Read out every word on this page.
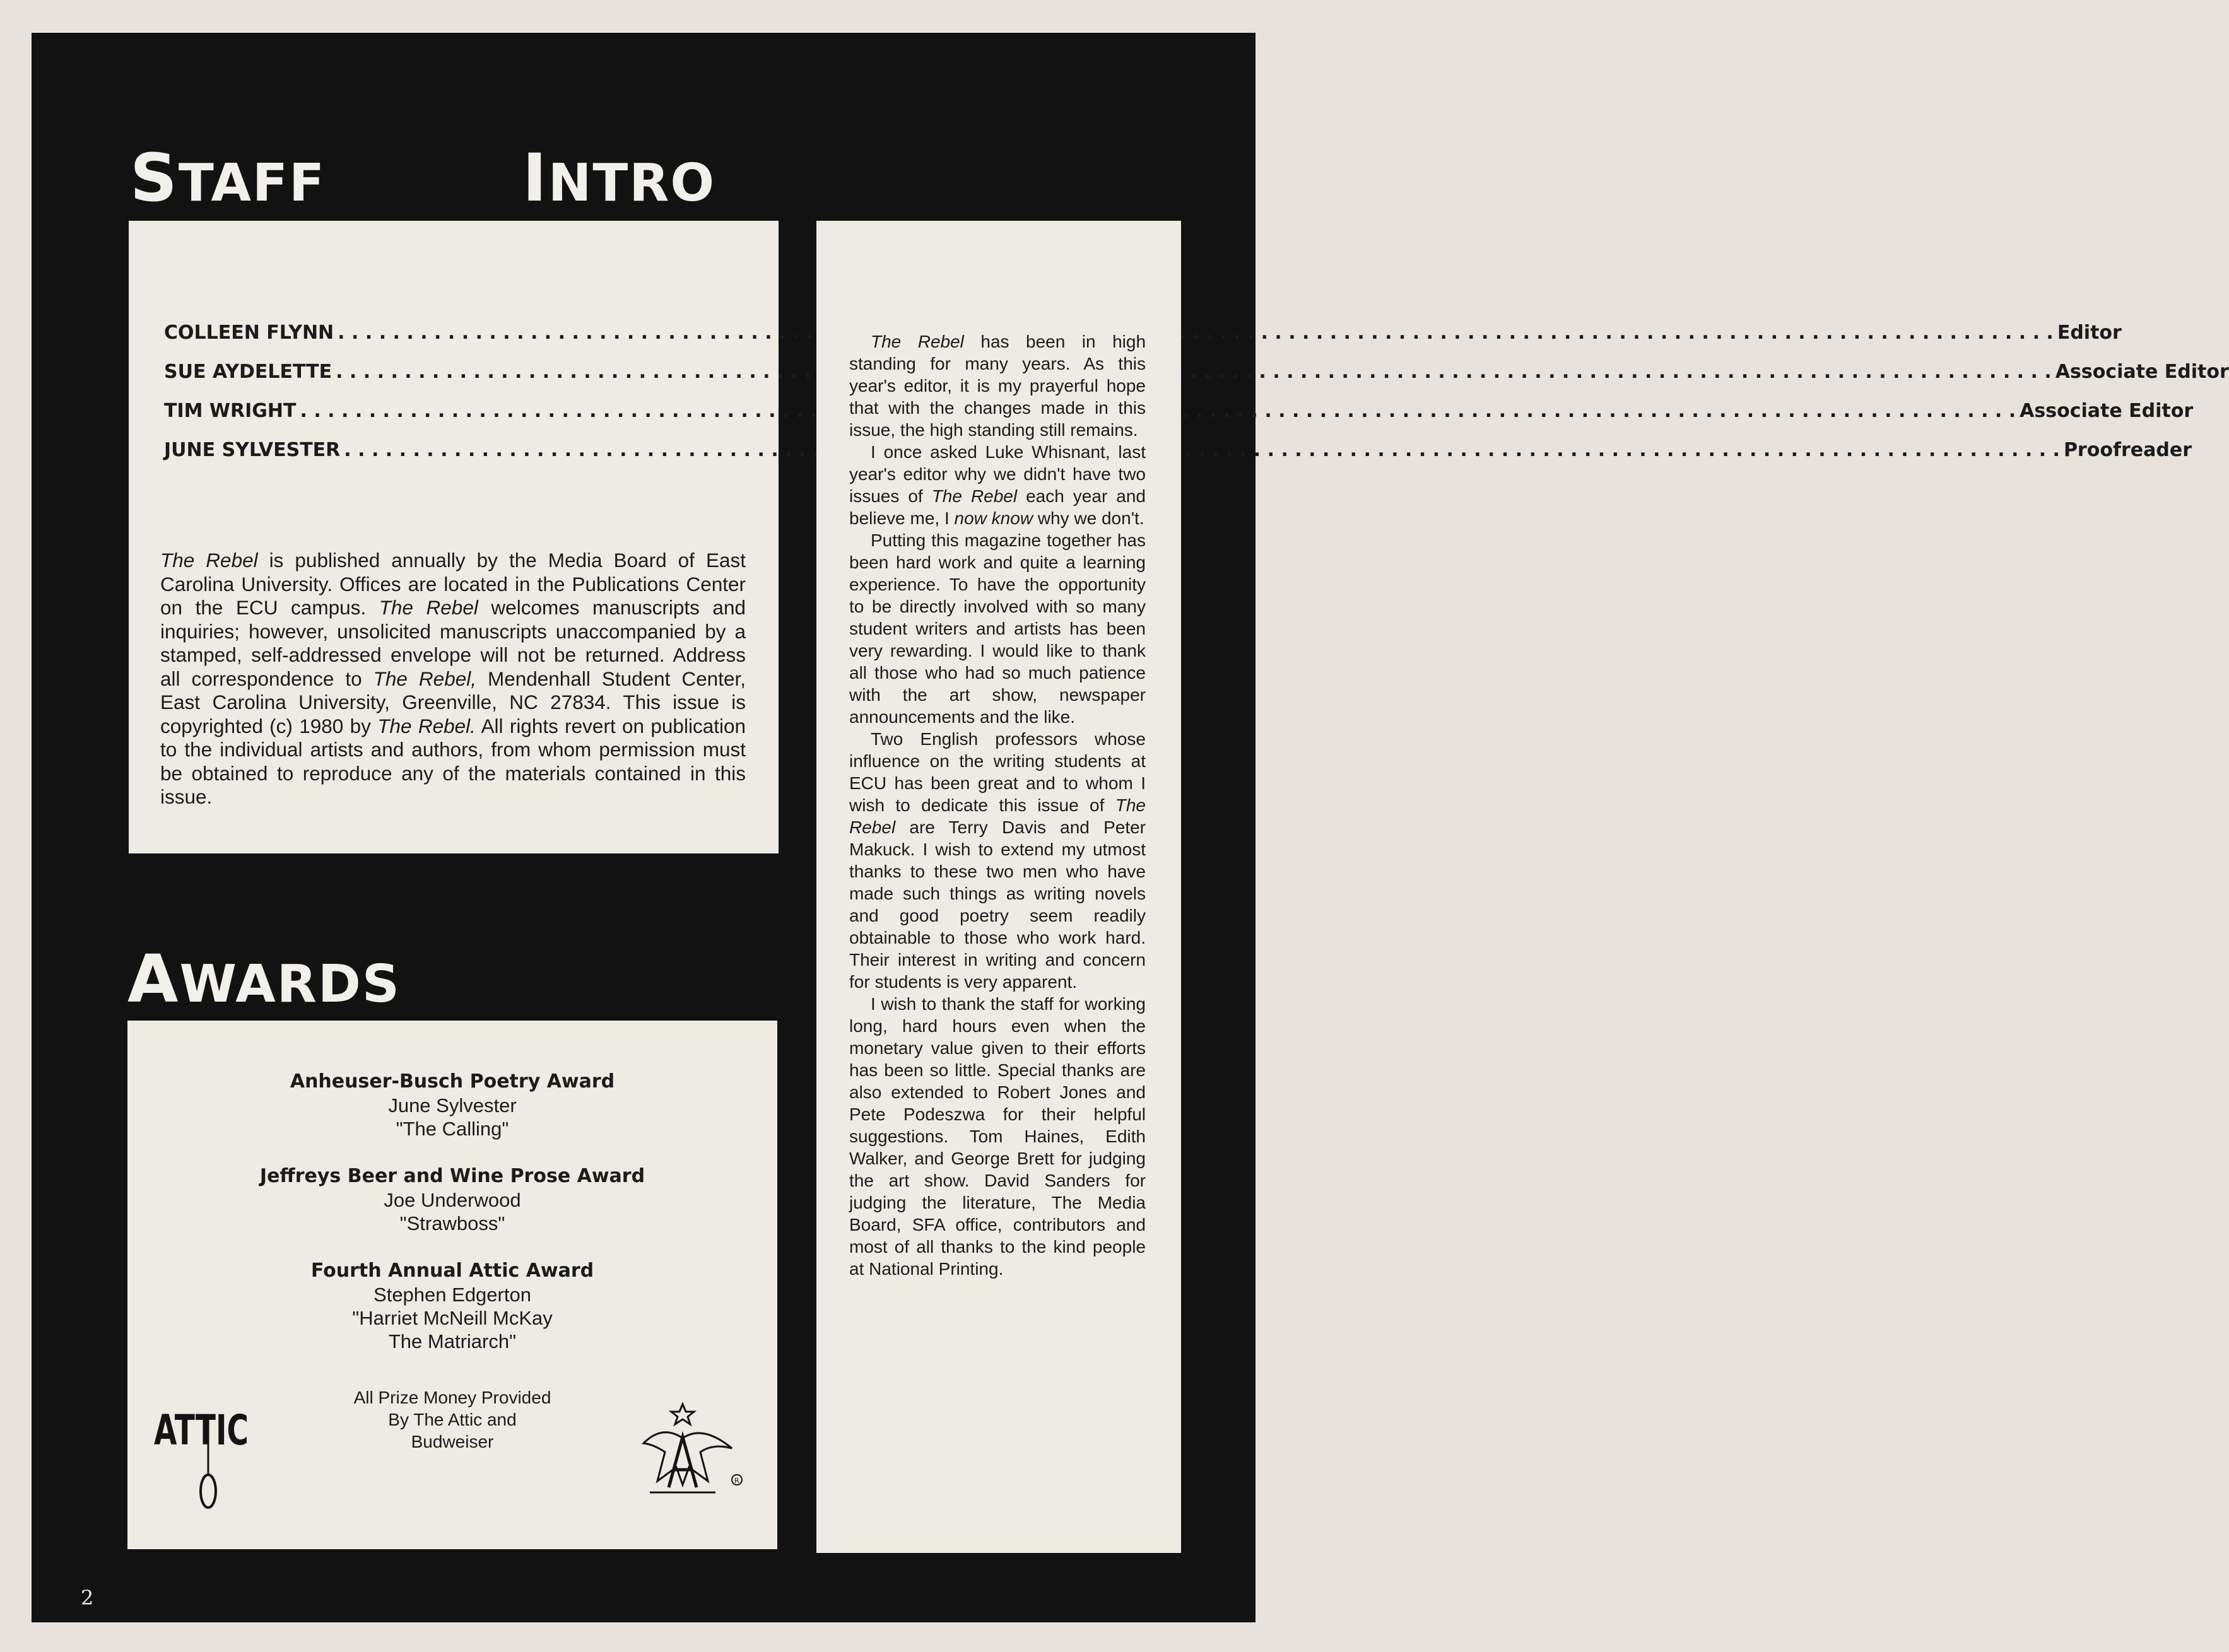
STAFF
COLLEEN FLYNN . . .	Editor
SUE AYDELETTE . . .	Associate Editor
TIM WRIGHT . . .	Associate Editor
JUNE SYLVESTER . . .	Proofreader
The Rebel is published annually by the Media Board of East Carolina University. Offices are located in the Publications Center on the ECU campus. The Rebel welcomes manuscripts and inquiries; however, unsolicited manuscripts unaccompanied by a stamped, self-addressed envelope will not be returned. Address all correspondence to The Rebel, Mendenhall Student Center, East Carolina University, Greenville, NC 27834. This issue is copyrighted (c) 1980 by The Rebel. All rights revert on publication to the individual artists and authors, from whom permission must be obtained to reproduce any of the materials contained in this issue.
AWARDS
Anheuser-Busch Poetry Award
June Sylvester
"The Calling"
Jeffreys Beer and Wine Prose Award
Joe Underwood
"Strawboss"
Fourth Annual Attic Award
Stephen Edgerton
"Harriet McNeill McKay
The Matriarch"
ATTIC
All Prize Money Provided
By The Attic and
Budweiser
R
INTRO

The Rebel has been in high standing for many years. As this year's editor, it is my prayerful hope that with the changes made in this issue, the high standing still remains.

I once asked Luke Whisnant, last year's editor why we didn't have two issues of The Rebel each year and believe me, I now know why we don't.

Putting this magazine together has been hard work and quite a learning experience. To have the opportunity to be directly involved with so many student writers and artists has been very rewarding. I would like to thank all those who had so much patience with the art show, newspaper announcements and the like.

Two English professors whose influence on the writing students at ECU has been great and to whom I wish to dedicate this issue of The Rebel are Terry Davis and Peter Makuck. I wish to extend my utmost thanks to these two men who have made such things as writing novels and good poetry seem readily obtainable to those who work hard. Their interest in writing and concern for students is very apparent.

I wish to thank the staff for working long, hard hours even when the monetary value given to their efforts has been so little. Special thanks are also extended to Robert Jones and Pete Podeszwa for their helpful suggestions. Tom Haines, Edith Walker, and George Brett for judging the art show. David Sanders for judging the literature, The Media Board, SFA office, contributors and most of all thanks to the kind people at National Printing.

2
